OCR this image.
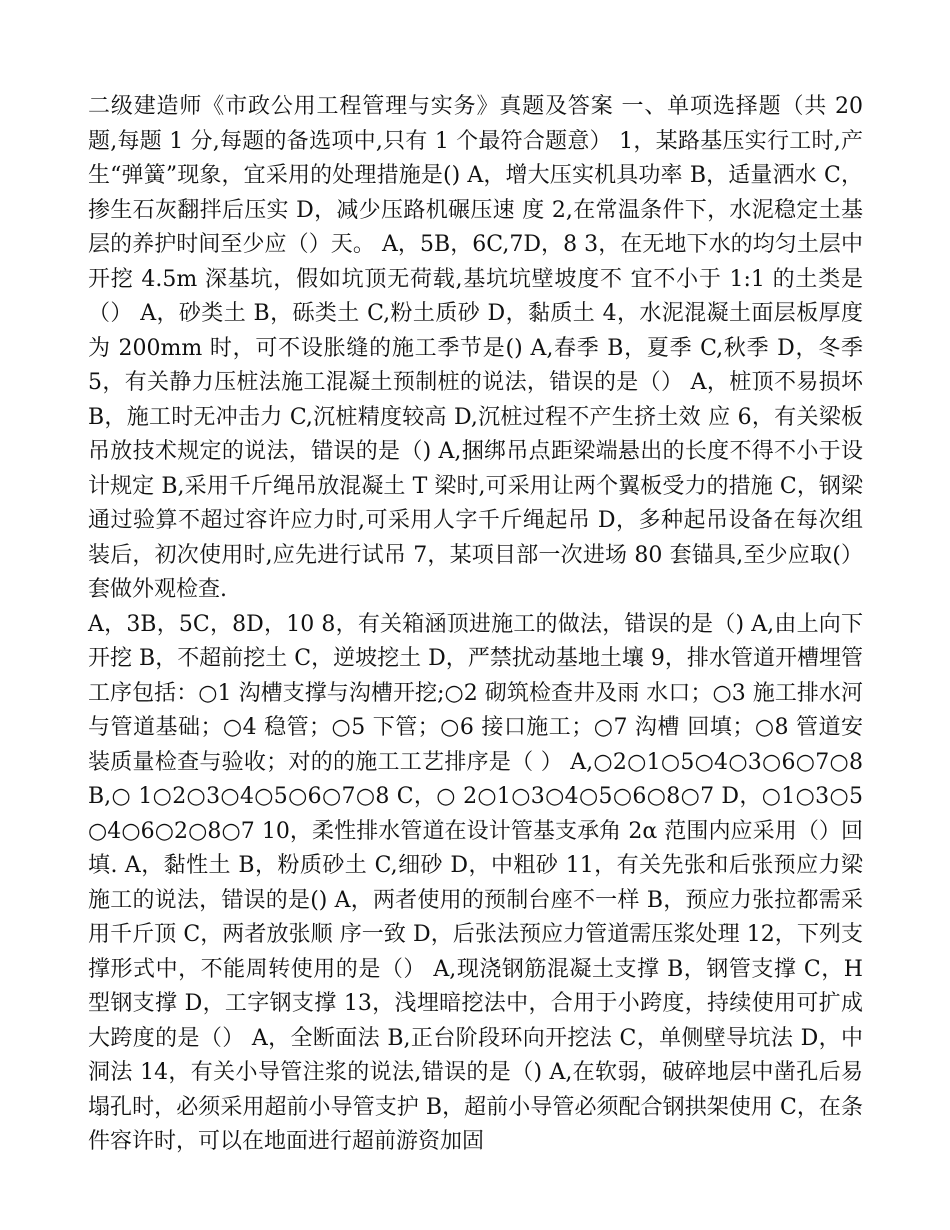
二级建造师《市政公用工程管理与实务》真题及答案 一、单项选择题（共 20 题,每题 1 分,每题的备选项中,只有 1 个最符合题意） 1，某路基压实行工时,产生“弹簧”现象，宜采用的处理措施是() A，增大压实机具功率 B，适量洒水 C，掺生石灰翻拌后压实 D，减少压路机碾压速 度 2,在常温条件下，水泥稳定土基层的养护时间至少应（）天。 A，5B，6C,7D，8 3，在无地下水的均匀土层中开挖 4.5m 深基坑，假如坑顶无荷载,基坑坑壁坡度不 宜不小于 1:1 的土类是（） A，砂类土 B，砾类土 C,粉土质砂 D，黏质土 4，水泥混凝土面层板厚度为 200mm 时，可不设胀缝的施工季节是() A,春季 B，夏季 C,秋季 D，冬季 5，有关静力压桩法施工混凝土预制桩的说法，错误的是（） A，桩顶不易损坏 B，施工时无冲击力 C,沉桩精度较高 D,沉桩过程不产生挤土效 应 6，有关梁板吊放技术规定的说法，错误的是（) A,捆绑吊点距梁端悬出的长度不得不小于设计规定 B,采用千斤绳吊放混凝土 T 梁时,可采用让两个翼板受力的措施 C，钢梁通过验算不超过容许应力时,可采用人字千斤绳起吊 D，多种起吊设备在每次组装后，初次使用时,应先进行试吊 7，某项目部一次进场 80 套锚具,至少应取(）套做外观检查.

A，3B，5C，8D，10 8，有关箱涵顶进施工的做法，错误的是（) A,由上向下开挖 B，不超前挖土 C，逆坡挖土 D，严禁扰动基地土壤 9，排水管道开槽埋管工序包括：○1 沟槽支撑与沟槽开挖;○2 砌筑检查井及雨 水口；○3 施工排水河与管道基础；○4 稳管；○5 下管；○6 接口施工；○7 沟槽 回填；○8 管道安装质量检查与验收；对的的施工工艺排序是（ ） A,○2○1○5○4○3○6○7○8 B,○ 1○2○3○4○5○6○7○8 C，○ 2○1○3○4○5○6○8○7 D，○1○3○5○4○6○2○8○7 10，柔性排水管道在设计管基支承角 2α 范围内应采用（）回填. A，黏性土 B，粉质砂土 C,细砂 D，中粗砂 11，有关先张和后张预应力梁施工的说法，错误的是() A，两者使用的预制台座不一样 B，预应力张拉都需采用千斤顶 C，两者放张顺 序一致 D，后张法预应力管道需压浆处理 12，下列支撑形式中，不能周转使用的是（） A,现浇钢筋混凝土支撑 B，钢管支撑 C，H 型钢支撑 D，工字钢支撑 13，浅埋暗挖法中，合用于小跨度，持续使用可扩成大跨度的是（） A，全断面法 B,正台阶段环向开挖法 C，单侧壁导坑法 D，中洞法 14，有关小导管注浆的说法,错误的是（) A,在软弱，破碎地层中凿孔后易塌孔时，必须采用超前小导管支护 B，超前小导管必须配合钢拱架使用 C，在条件容许时，可以在地面进行超前游资加固
